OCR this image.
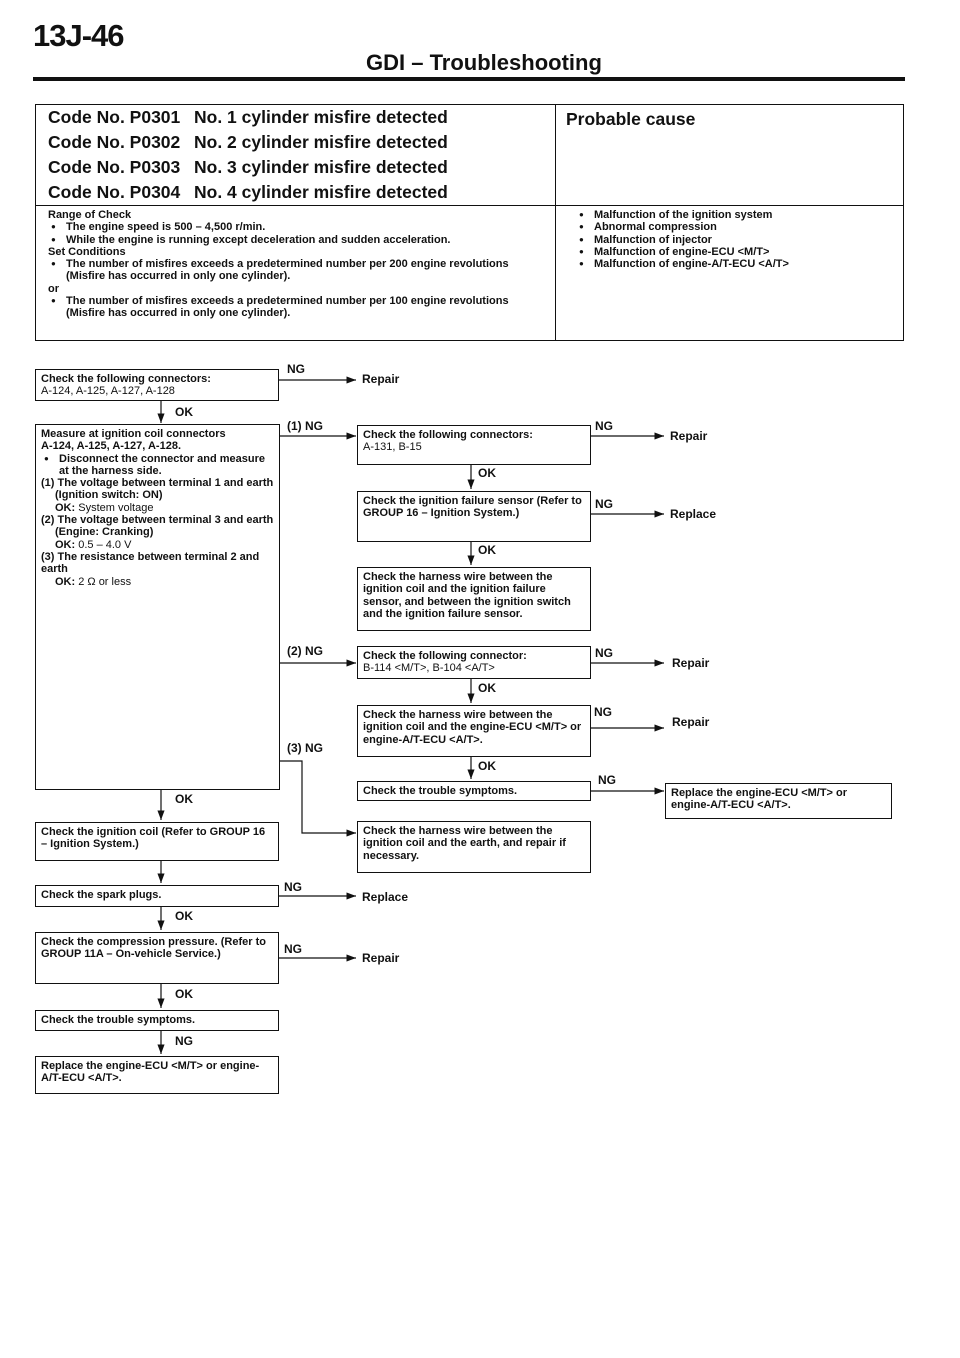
13J-46
GDI – Troubleshooting
Code No. P0301 No. 1 cylinder misfire detected
Code No. P0302 No. 2 cylinder misfire detected
Code No. P0303 No. 3 cylinder misfire detected
Code No. P0304 No. 4 cylinder misfire detected
Probable cause
Range of Check
● The engine speed is 500 – 4,500 r/min.
● While the engine is running except deceleration and sudden acceleration.
Set Conditions
● The number of misfires exceeds a predetermined number per 200 engine revolutions (Misfire has occurred in only one cylinder).
or
● The number of misfires exceeds a predetermined number per 100 engine revolutions (Misfire has occurred in only one cylinder).
● Malfunction of the ignition system
● Abnormal compression
● Malfunction of injector
● Malfunction of engine-ECU <M/T>
● Malfunction of engine-A/T-ECU <A/T>
Check the following connectors:
A-124, A-125, A-127, A-128
Measure at ignition coil connectors
A-124, A-125, A-127, A-128.
● Disconnect the connector and measure at the harness side.
(1) The voltage between terminal 1 and earth
(Ignition switch: ON)
OK: System voltage
(2) The voltage between terminal 3 and earth
(Engine: Cranking)
OK: 0.5 – 4.0 V
(3) The resistance between terminal 2 and earth
OK: 2 Ω or less
Check the ignition coil (Refer to GROUP 16 – Ignition System.)
Check the spark plugs.
Check the compression pressure. (Refer to GROUP 11A – On-vehicle Service.)
Check the trouble symptoms.
Replace the engine-ECU <M/T> or engine-A/T-ECU <A/T>.
Check the following connectors:
A-131, B-15
Check the ignition failure sensor (Refer to GROUP 16 – Ignition System.)
Check the harness wire between the ignition coil and the ignition failure sensor, and between the ignition switch and the ignition failure sensor.
Check the following connector:
B-114 <M/T>, B-104 <A/T>
Check the harness wire between the ignition coil and the engine-ECU <M/T> or engine-A/T-ECU <A/T>.
Check the trouble symptoms.	Replace the engine-ECU <M/T> or engine-A/T-ECU <A/T>.
Check the harness wire between the ignition coil and the earth, and repair if necessary.
NG
Repair
OK
(1) NG	NG
Repair
OK
NG
Replace
OK
(2) NG	NG
Repair
OK
NG
Repair
(3) NG
OK
NG
OK
NG
Replace
OK
NG
Repair
OK
NG
